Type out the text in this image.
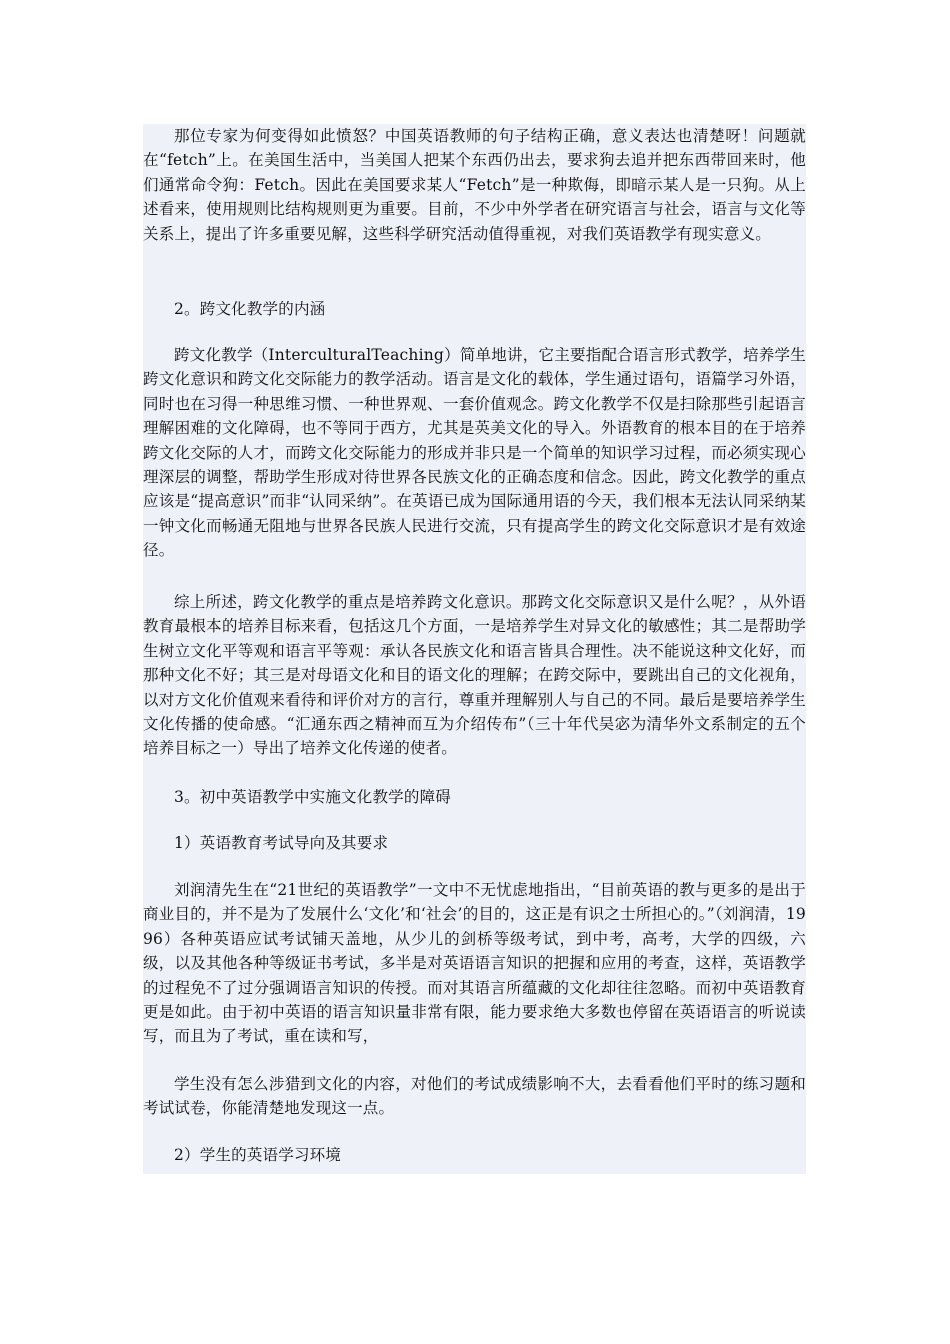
那位专家为何变得如此愤怒？中国英语教师的句子结构正确，意义表达也清楚呀！问题就在“fetch”上。在美国生活中，当美国人把某个东西仍出去，要求狗去追并把东西带回来时，他们通常命令狗：Fetch。因此在美国要求某人“Fetch”是一种欺侮，即暗示某人是一只狗。从上述看来，使用规则比结构规则更为重要。目前，不少中外学者在研究语言与社会，语言与文化等关系上，提出了许多重要见解，这些科学研究活动值得重视，对我们英语教学有现实意义。

2。跨文化教学的内涵

跨文化教学（InterculturalTeaching）简单地讲，它主要指配合语言形式教学，培养学生跨文化意识和跨文化交际能力的教学活动。语言是文化的载体，学生通过语句，语篇学习外语，同时也在习得一种思维习惯、一种世界观、一套价值观念。跨文化教学不仅是扫除那些引起语言理解困难的文化障碍，也不等同于西方，尤其是英美文化的导入。外语教育的根本目的在于培养跨文化交际的人才，而跨文化交际能力的形成并非只是一个简单的知识学习过程，而必须实现心理深层的调整，帮助学生形成对待世界各民族文化的正确态度和信念。因此，跨文化教学的重点应该是“提高意识”而非“认同采纳”。在英语已成为国际通用语的今天，我们根本无法认同采纳某一钟文化而畅通无阻地与世界各民族人民进行交流，只有提高学生的跨文化交际意识才是有效途径。

综上所述，跨文化教学的重点是培养跨文化意识。那跨文化交际意识又是什么呢？，从外语教育最根本的培养目标来看，包括这几个方面，一是培养学生对异文化的敏感性；其二是帮助学生树立文化平等观和语言平等观：承认各民族文化和语言皆具合理性。决不能说这种文化好，而那种文化不好；其三是对母语文化和目的语文化的理解；在跨交际中，要跳出自己的文化视角，以对方文化价值观来看待和评价对方的言行，尊重并理解别人与自己的不同。最后是要培养学生文化传播的使命感。“汇通东西之精神而互为介绍传布”（三十年代吴宓为清华外文系制定的五个培养目标之一）导出了培养文化传递的使者。

3。初中英语教学中实施文化教学的障碍

1）英语教育考试导向及其要求

刘润清先生在“21世纪的英语教学”一文中不无忧虑地指出，“目前英语的教与更多的是出于商业目的，并不是为了发展什么‘文化’和‘社会’的目的，这正是有识之士所担心的。”（刘润清，1996）各种英语应试考试铺天盖地，从少儿的剑桥等级考试，到中考，高考，大学的四级，六级，以及其他各种等级证书考试，多半是对英语语言知识的把握和应用的考查，这样，英语教学的过程免不了过分强调语言知识的传授。而对其语言所蕴藏的文化却往往忽略。而初中英语教育更是如此。由于初中英语的语言知识量非常有限，能力要求绝大多数也停留在英语语言的听说读写，而且为了考试，重在读和写，

学生没有怎么涉猎到文化的内容，对他们的考试成绩影响不大，去看看他们平时的练习题和考试试卷，你能清楚地发现这一点。

2）学生的英语学习环境
